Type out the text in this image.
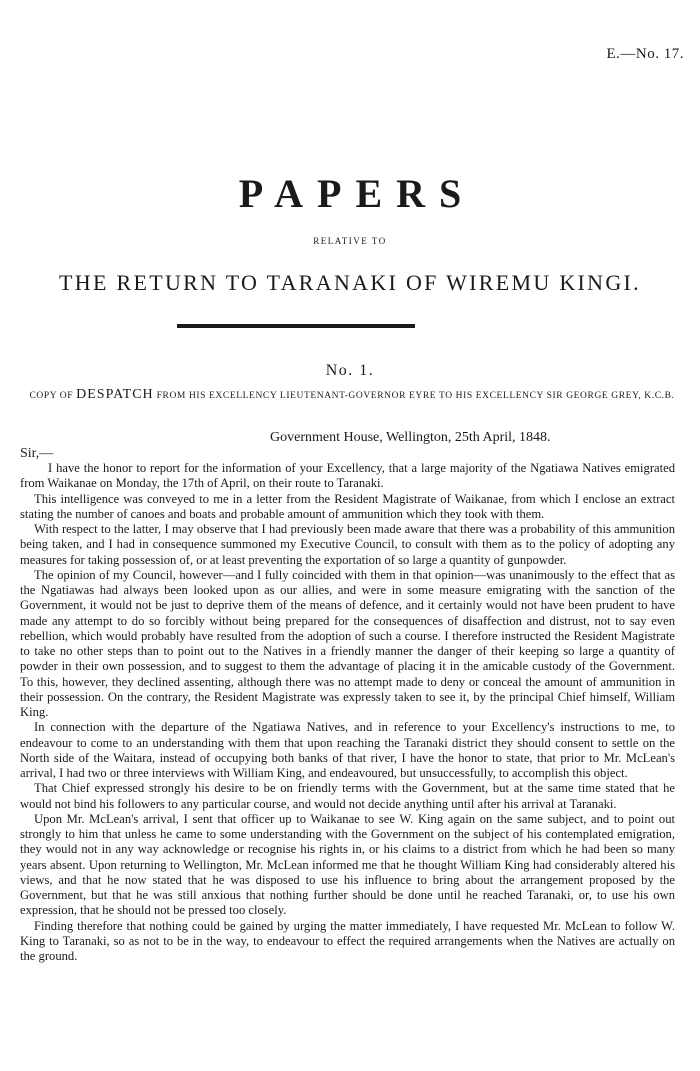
E.—No. 17.
PAPERS
RELATIVE TO
THE RETURN TO TARANAKI OF WIREMU KINGI.
No. 1.
COPY OF DESPATCH FROM HIS EXCELLENCY LIEUTENANT-GOVERNOR EYRE TO HIS EXCELLENCY SIR GEORGE GREY, K.C.B.
Government House, Wellington, 25th April, 1848.
Sir,—

I have the honor to report for the information of your Excellency, that a large majority of the Ngatiawa Natives emigrated from Waikanae on Monday, the 17th of April, on their route to Taranaki.

This intelligence was conveyed to me in a letter from the Resident Magistrate of Waikanae, from which I enclose an extract stating the number of canoes and boats and probable amount of ammunition which they took with them.

With respect to the latter, I may observe that I had previously been made aware that there was a probability of this ammunition being taken, and I had in consequence summoned my Executive Council, to consult with them as to the policy of adopting any measures for taking possession of, or at least preventing the exportation of so large a quantity of gunpowder.

The opinion of my Council, however—and I fully coincided with them in that opinion—was unanimously to the effect that as the Ngatiawas had always been looked upon as our allies, and were in some measure emigrating with the sanction of the Government, it would not be just to deprive them of the means of defence, and it certainly would not have been prudent to have made any attempt to do so forcibly without being prepared for the consequences of disaffection and distrust, not to say even rebellion, which would probably have resulted from the adoption of such a course. I therefore instructed the Resident Magistrate to take no other steps than to point out to the Natives in a friendly manner the danger of their keeping so large a quantity of powder in their own possession, and to suggest to them the advantage of placing it in the amicable custody of the Government. To this, however, they declined assenting, although there was no attempt made to deny or conceal the amount of ammunition in their possession. On the contrary, the Resident Magistrate was expressly taken to see it, by the principal Chief himself, William King.

In connection with the departure of the Ngatiawa Natives, and in reference to your Excellency's instructions to me, to endeavour to come to an understanding with them that upon reaching the Taranaki district they should consent to settle on the North side of the Waitara, instead of occupying both banks of that river, I have the honor to state, that prior to Mr. McLean's arrival, I had two or three interviews with William King, and endeavoured, but unsuccessfully, to accomplish this object.

That Chief expressed strongly his desire to be on friendly terms with the Government, but at the same time stated that he would not bind his followers to any particular course, and would not decide anything until after his arrival at Taranaki.

Upon Mr. McLean's arrival, I sent that officer up to Waikanae to see W. King again on the same subject, and to point out strongly to him that unless he came to some understanding with the Government on the subject of his contemplated emigration, they would not in any way acknowledge or recognise his rights in, or his claims to a district from which he had been so many years absent. Upon returning to Wellington, Mr. McLean informed me that he thought William King had considerably altered his views, and that he now stated that he was disposed to use his influence to bring about the arrangement proposed by the Government, but that he was still anxious that nothing further should be done until he reached Taranaki, or, to use his own expression, that he should not be pressed too closely.

Finding therefore that nothing could be gained by urging the matter immediately, I have requested Mr. McLean to follow W. King to Taranaki, so as not to be in the way, to endeavour to effect the required arrangements when the Natives are actually on the ground.
